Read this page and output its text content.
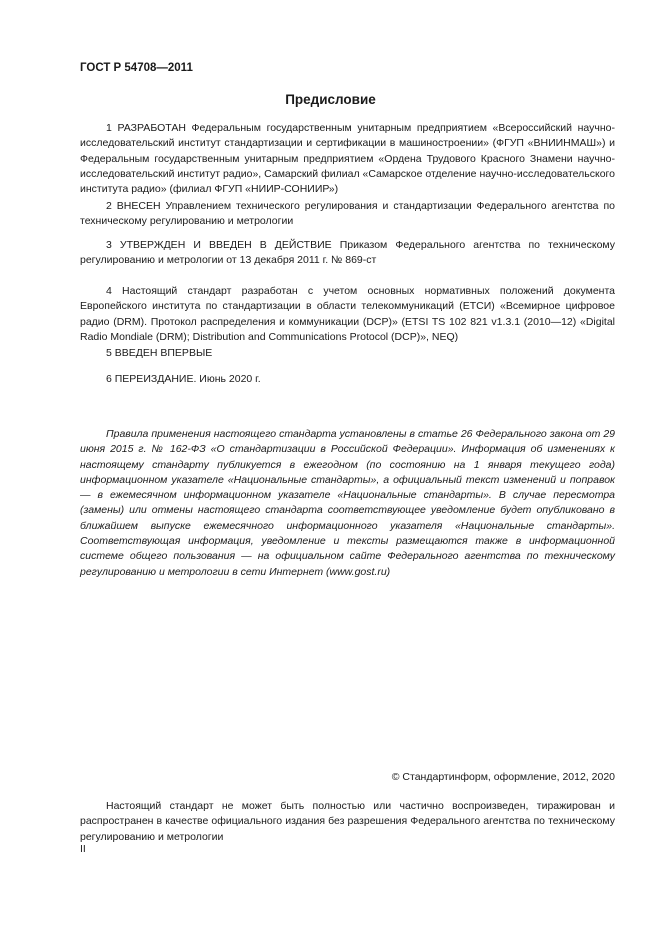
ГОСТ Р 54708—2011
Предисловие

1 РАЗРАБОТАН Федеральным государственным унитарным предприятием «Всероссийский научно-исследовательский институт стандартизации и сертификации в машиностроении» (ФГУП «ВНИИНМАШ») и Федеральным государственным унитарным предприятием «Ордена Трудового Красного Знамени научно-исследовательский институт радио», Самарский филиал «Самарское отделение научно-исследовательского института радио» (филиал ФГУП «НИИР-СОНИИР»)

2 ВНЕСЕН Управлением технического регулирования и стандартизации Федерального агентства по техническому регулированию и метрологии

3 УТВЕРЖДЕН И ВВЕДЕН В ДЕЙСТВИЕ Приказом Федерального агентства по техническому регулированию и метрологии от 13 декабря 2011 г. № 869-ст

4 Настоящий стандарт разработан с учетом основных нормативных положений документа Европейского института по стандартизации в области телекоммуникаций (ЕТСИ) «Всемирное цифровое радио (DRM). Протокол распределения и коммуникации (DCP)» (ETSI TS 102 821 v1.3.1 (2010—12) «Digital Radio Mondiale (DRM); Distribution and Communications Protocol (DCP)», NEQ)

5 ВВЕДЕН ВПЕРВЫЕ

6 ПЕРЕИЗДАНИЕ. Июнь 2020 г.

Правила применения настоящего стандарта установлены в статье 26 Федерального закона от 29 июня 2015 г. № 162-ФЗ «О стандартизации в Российской Федерации». Информация об изменениях к настоящему стандарту публикуется в ежегодном (по состоянию на 1 января текущего года) информационном указателе «Национальные стандарты», а официальный текст изменений и поправок — в ежемесячном информационном указателе «Национальные стандарты». В случае пересмотра (замены) или отмены настоящего стандарта соответствующее уведомление будет опубликовано в ближайшем выпуске ежемесячного информационного указателя «Национальные стандарты». Соответствующая информация, уведомление и тексты размещаются также в информационной системе общего пользования — на официальном сайте Федерального агентства по техническому регулированию и метрологии в сети Интернет (www.gost.ru)

© Стандартинформ, оформление, 2012, 2020

Настоящий стандарт не может быть полностью или частично воспроизведен, тиражирован и распространен в качестве официального издания без разрешения Федерального агентства по техническому регулированию и метрологии

II
